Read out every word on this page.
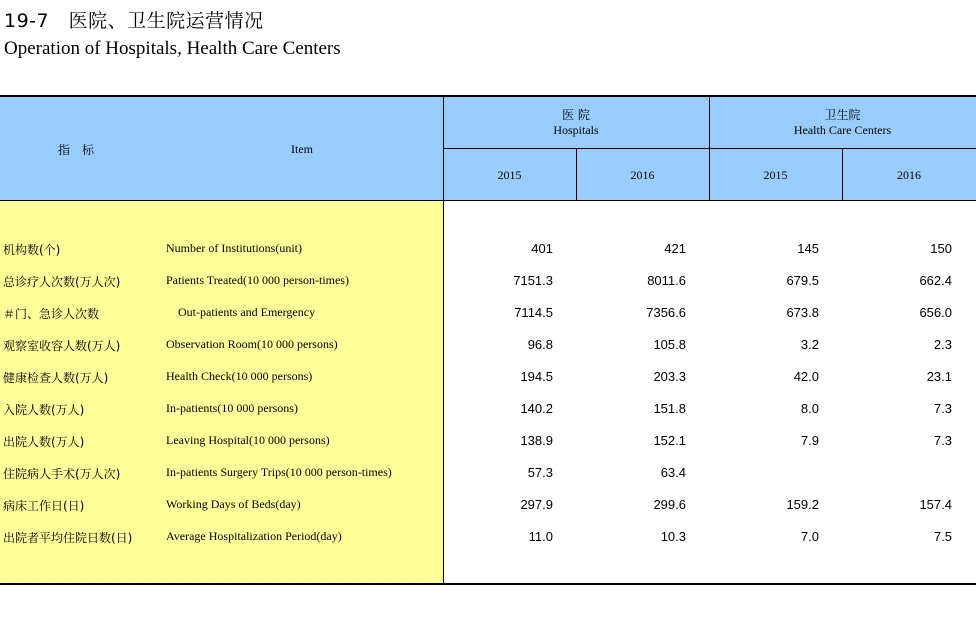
19-7　医院、卫生院运营情况
Operation of Hospitals, Health Care Centers
指　标	Item
医 院
Hospitals
卫生院
Health Care Centers
2015	2016	2015	2016
机构数(个)	Number of Institutions(unit)	401	421	145	150
总诊疗人次数(万人次)	Patients Treated(10 000 person-times)	7151.3	8011.6	679.5	662.4
＃门、急诊人次数	Out-patients and Emergency	7114.5	7356.6	673.8	656.0
观察室收容人数(万人)	Observation Room(10 000 persons)	96.8	105.8	3.2	2.3
健康检查人数(万人)	Health Check(10 000 persons)	194.5	203.3	42.0	23.1
入院人数(万人)	In-patients(10 000 persons)	140.2	151.8	8.0	7.3
出院人数(万人)	Leaving Hospital(10 000 persons)	138.9	152.1	7.9	7.3
住院病人手术(万人次)	In-patients Surgery Trips(10 000 person-times)	57.3	63.4
病床工作日(日)	Working Days of Beds(day)	297.9	299.6	159.2	157.4
出院者平均住院日数(日)	Average Hospitalization Period(day)	11.0	10.3	7.0	7.5
